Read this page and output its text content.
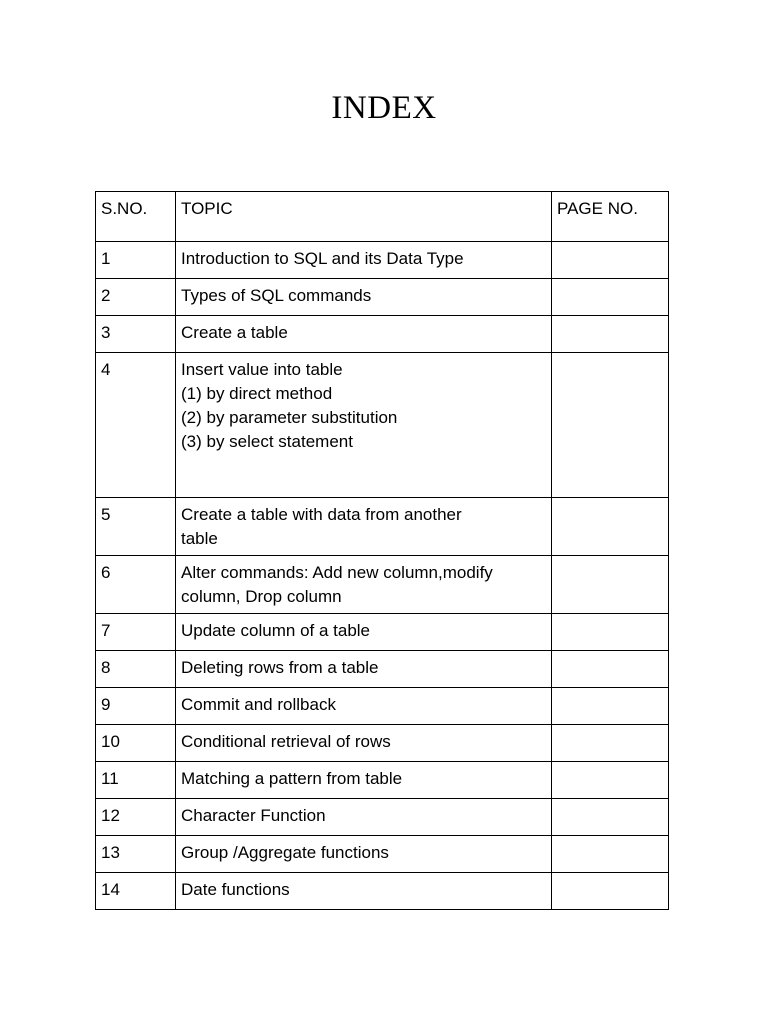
INDEX
S.NO.	TOPIC	PAGE NO.
1	Introduction to SQL and its Data Type	

2	Types of SQL commands	

3	Create a table	

4	Insert value into table
(1) by direct method
(2) by parameter substitution
(3) by select statement	

5	Create a table with data from another
table	

6	Alter commands: Add new column,modify
column, Drop column	

7	Update column of a table	

8	Deleting rows from a table	

9	Commit and rollback	

10	Conditional retrieval of rows	

11	Matching a pattern from table	

12	Character Function	

13	Group /Aggregate functions	

14	Date functions	
